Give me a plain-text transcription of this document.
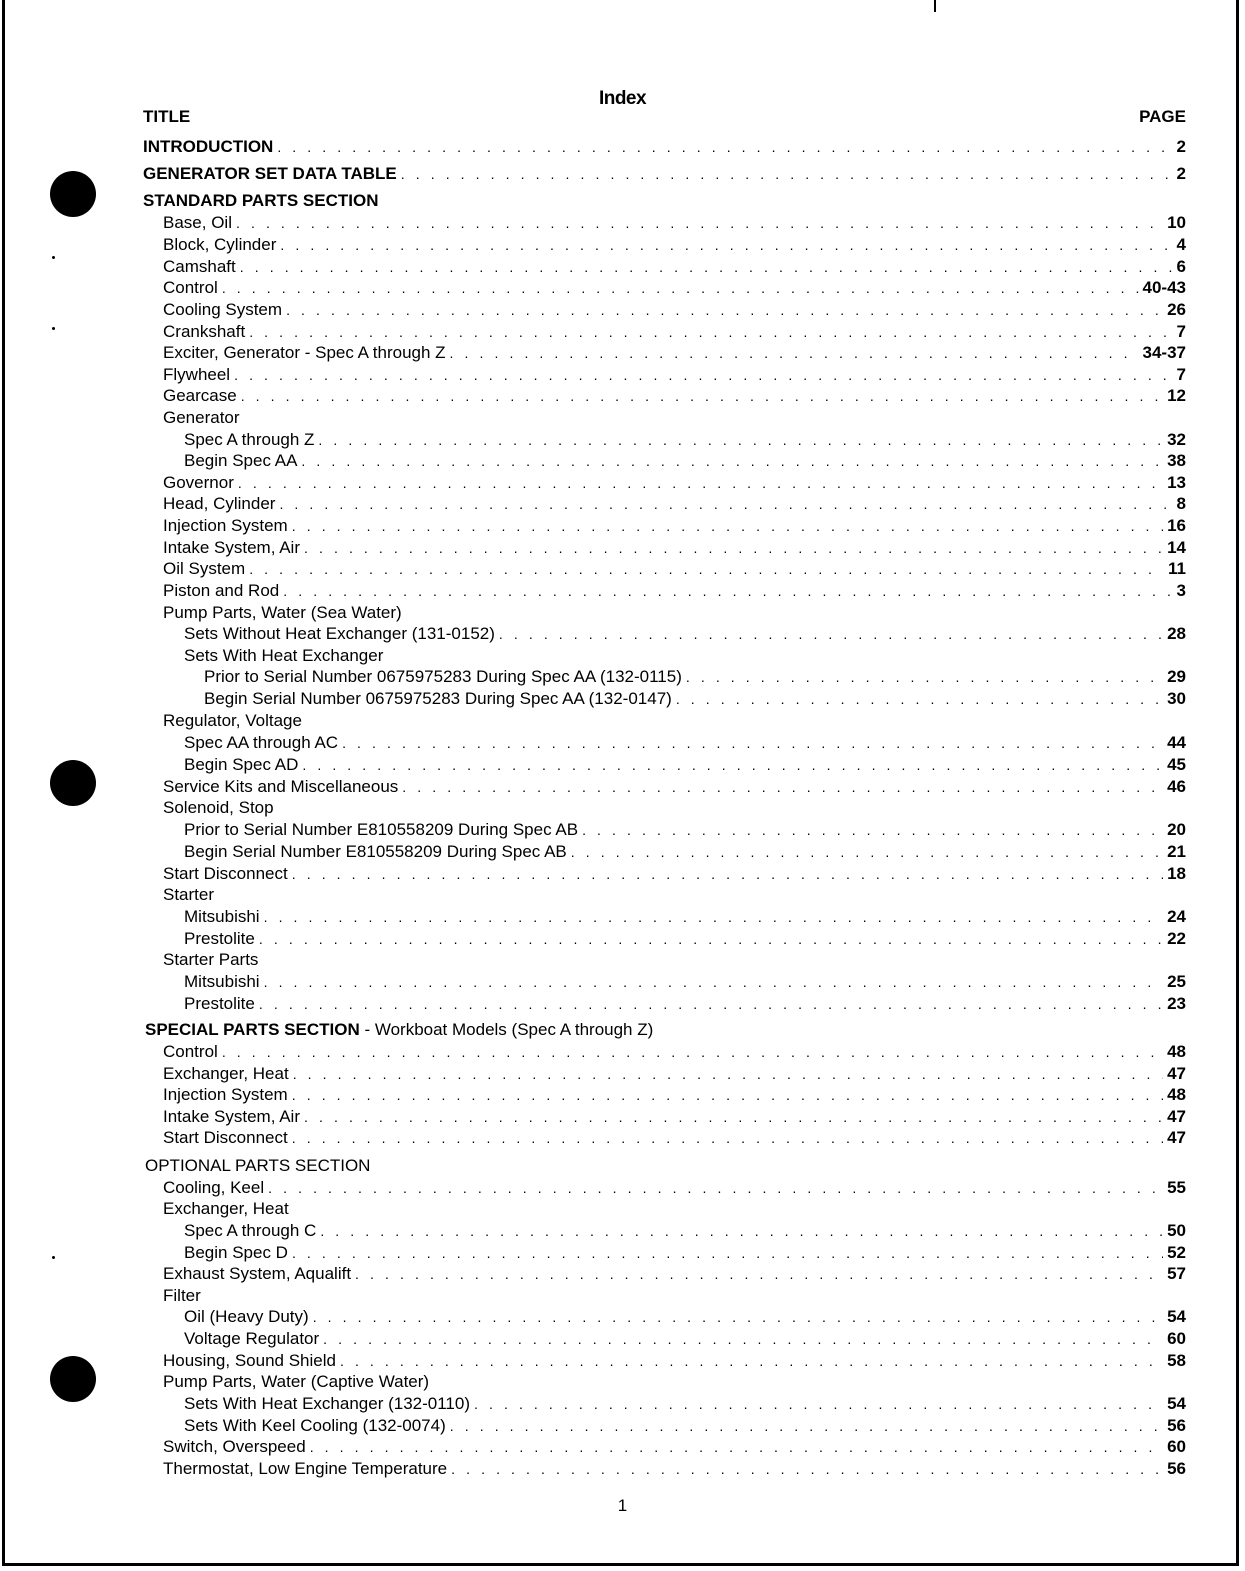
Index
TITLE	PAGE
INTRODUCTION . . .	2
GENERATOR SET DATA TABLE . . .	2
STANDARD PARTS SECTION
Base, Oil . . .	10
Block, Cylinder . . .	4
Camshaft . . .	6
Control . . .	40-43
Cooling System . . .	26
Crankshaft . . .	7
Exciter, Generator - Spec A through Z . . .	34-37
Flywheel . . .	7
Gearcase . . .	12
Generator
Spec A through Z . . .	32
Begin Spec AA . . .	38
Governor . . .	13
Head, Cylinder . . .	8
Injection System . . .	16
Intake System, Air . . .	14
Oil System . . .	11
Piston and Rod . . .	3
Pump Parts, Water (Sea Water)
Sets Without Heat Exchanger (131-0152) . . .	28
Sets With Heat Exchanger
Prior to Serial Number 0675975283 During Spec AA (132-0115) . . .	29
Begin Serial Number 0675975283 During Spec AA (132-0147) . . .	30
Regulator, Voltage
Spec AA through AC . . .	44
Begin Spec AD . . .	45
Service Kits and Miscellaneous . . .	46
Solenoid, Stop
Prior to Serial Number E810558209 During Spec AB . . .	20
Begin Serial Number E810558209 During Spec AB . . .	21
Start Disconnect . . .	18
Starter
Mitsubishi . . .	24
Prestolite . . .	22
Starter Parts
Mitsubishi . . .	25
Prestolite . . .	23
SPECIAL PARTS SECTION - Workboat Models (Spec A through Z)
Control . . .	48
Exchanger, Heat . . .	47
Injection System . . .	48
Intake System, Air . . .	47
Start Disconnect . . .	47
OPTIONAL PARTS SECTION
Cooling, Keel . . .	55
Exchanger, Heat
Spec A through C . . .	50
Begin Spec D . . .	52
Exhaust System, Aqualift . . .	57
Filter
Oil (Heavy Duty) . . .	54
Voltage Regulator . . .	60
Housing, Sound Shield . . .	58
Pump Parts, Water (Captive Water)
Sets With Heat Exchanger (132-0110) . . .	54
Sets With Keel Cooling (132-0074) . . .	56
Switch, Overspeed . . .	60
Thermostat, Low Engine Temperature . . .	56
1
